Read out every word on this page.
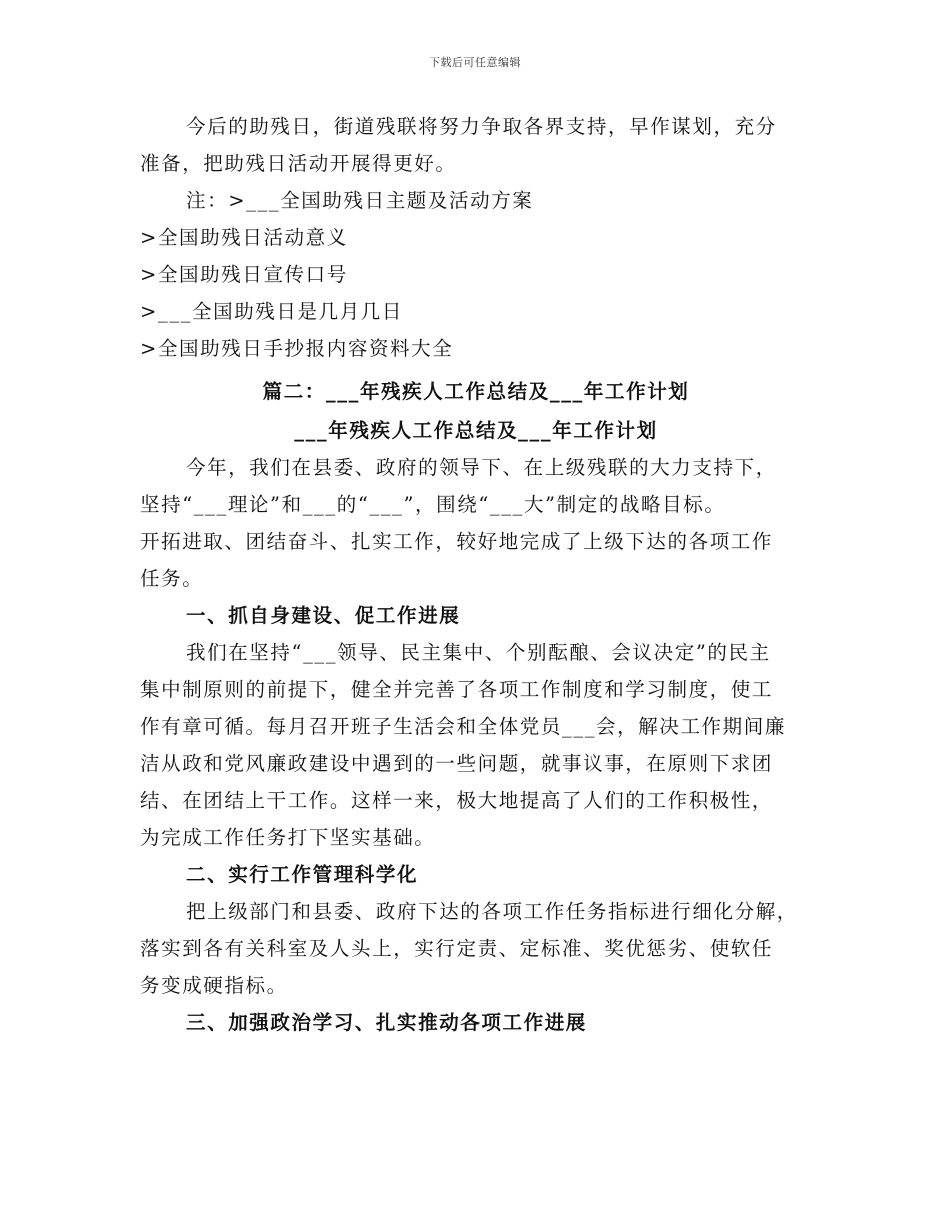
下载后可任意编辑

今后的助残日，街道残联将努力争取各界支持，早作谋划，充分

准备，把助残日活动开展得更好。

注：>___全国助残日主题及活动方案

>全国助残日活动意义

>全国助残日宣传口号

>___全国助残日是几月几日

>全国助残日手抄报内容资料大全

篇二：___年残疾人工作总结及___年工作计划

___年残疾人工作总结及___年工作计划

今年，我们在县委、政府的领导下、在上级残联的大力支持下，

坚持“___理论”和___的“___”，围绕“___大”制定的战略目标。

开拓进取、团结奋斗、扎实工作，较好地完成了上级下达的各项工作

任务。

一、抓自身建设、促工作进展

我们在坚持“___领导、民主集中、个别酝酿、会议决定”的民主

集中制原则的前提下，健全并完善了各项工作制度和学习制度，使工

作有章可循。每月召开班子生活会和全体党员___会，解决工作期间廉

洁从政和党风廉政建设中遇到的一些问题，就事议事，在原则下求团

结、在团结上干工作。这样一来，极大地提高了人们的工作积极性，

为完成工作任务打下坚实基础。

二、实行工作管理科学化

把上级部门和县委、政府下达的各项工作任务指标进行细化分解，

落实到各有关科室及人头上，实行定责、定标准、奖优惩劣、使软任

务变成硬指标。

三、加强政治学习、扎实推动各项工作进展
